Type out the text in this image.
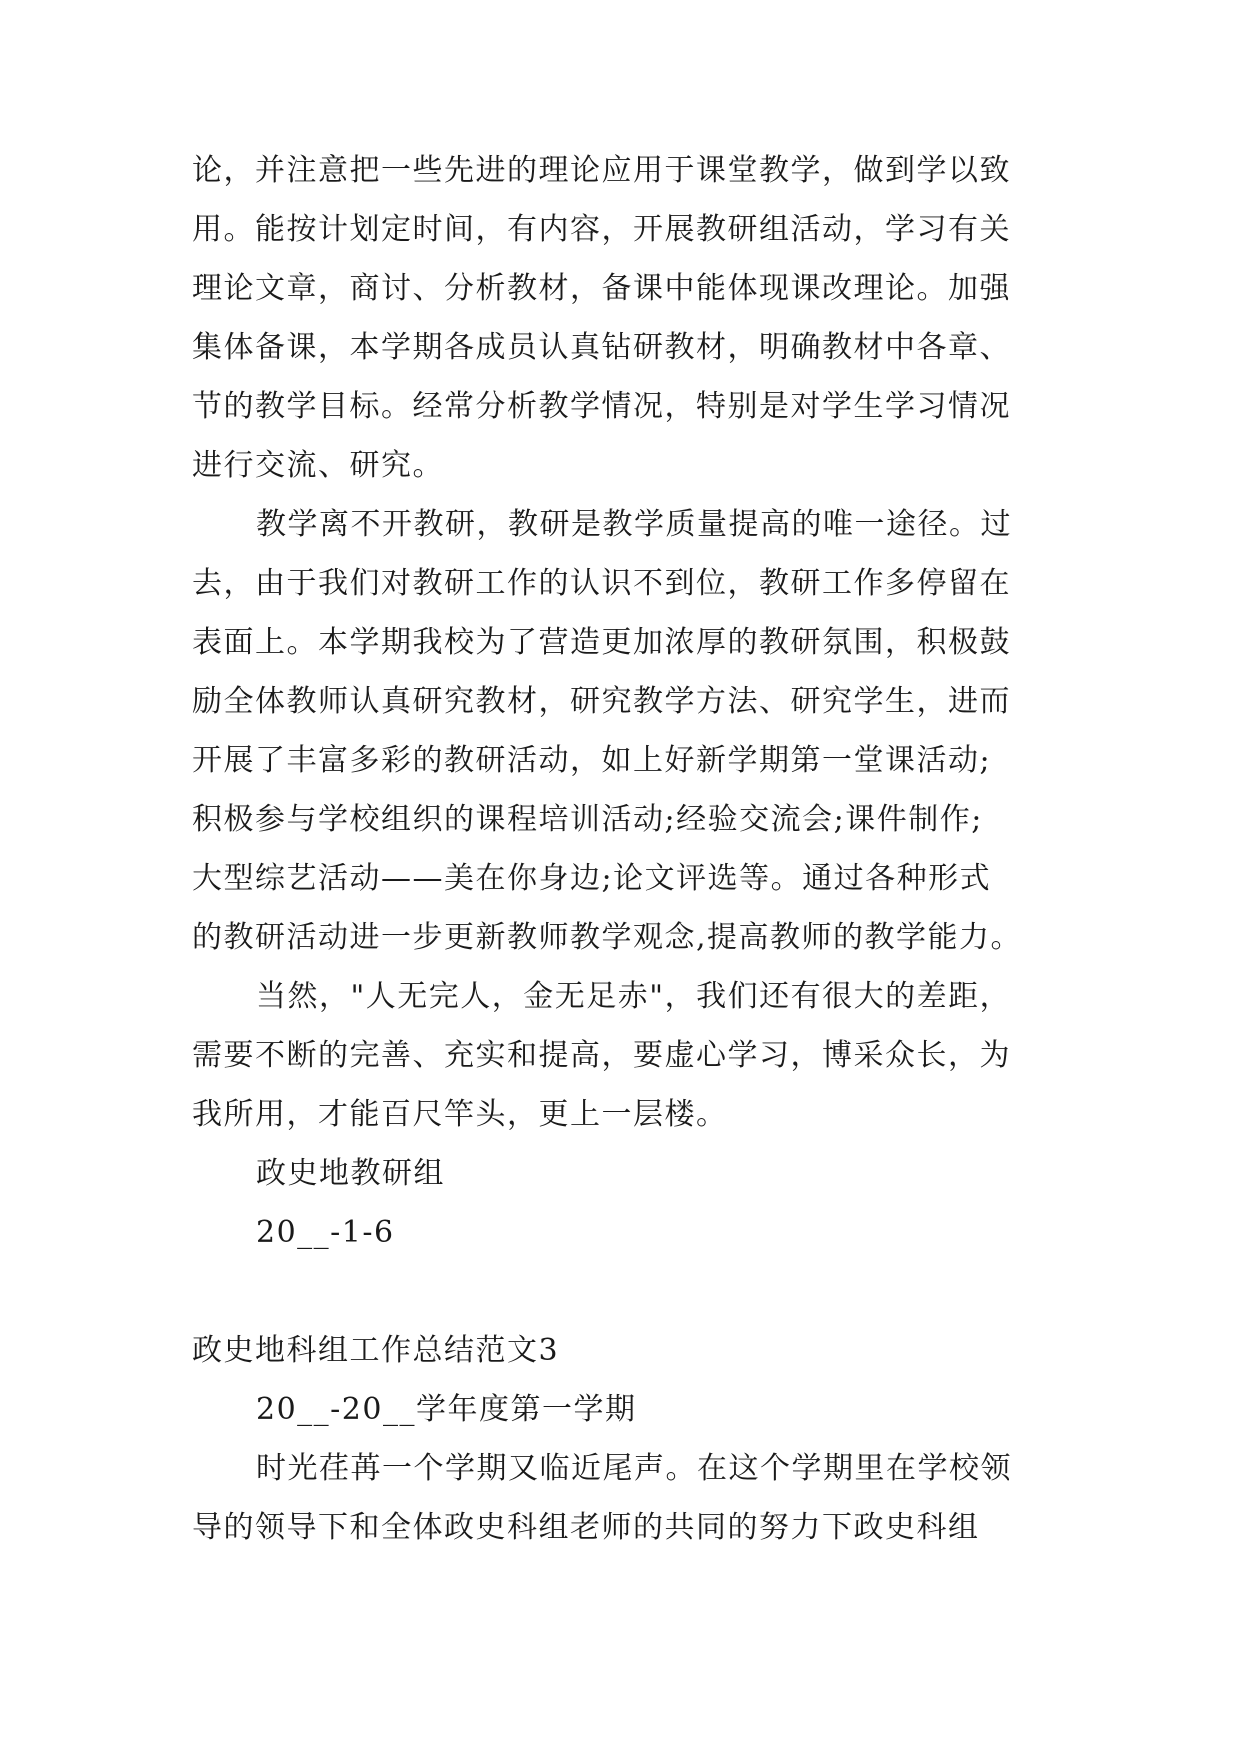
论，并注意把一些先进的理论应用于课堂教学，做到学以致
用。能按计划定时间，有内容，开展教研组活动，学习有关
理论文章，商讨、分析教材，备课中能体现课改理论。加强
集体备课，本学期各成员认真钻研教材，明确教材中各章、
节的教学目标。经常分析教学情况，特别是对学生学习情况
进行交流、研究。
教学离不开教研，教研是教学质量提高的唯一途径。过
去，由于我们对教研工作的认识不到位，教研工作多停留在
表面上。本学期我校为了营造更加浓厚的教研氛围，积极鼓
励全体教师认真研究教材，研究教学方法、研究学生，进而
开展了丰富多彩的教研活动，如上好新学期第一堂课活动;
积极参与学校组织的课程培训活动;经验交流会;课件制作;
大型综艺活动——美在你身边;论文评选等。通过各种形式
的教研活动进一步更新教师教学观念,提高教师的教学能力。
当然，"人无完人，金无足赤"，我们还有很大的差距，
需要不断的完善、充实和提高，要虚心学习，博采众长，为
我所用，才能百尺竿头，更上一层楼。
政史地教研组
20__-1-6
政史地科组工作总结范文3
20__-20__学年度第一学期
时光荏苒一个学期又临近尾声。在这个学期里在学校领
导的领导下和全体政史科组老师的共同的努力下政史科组
